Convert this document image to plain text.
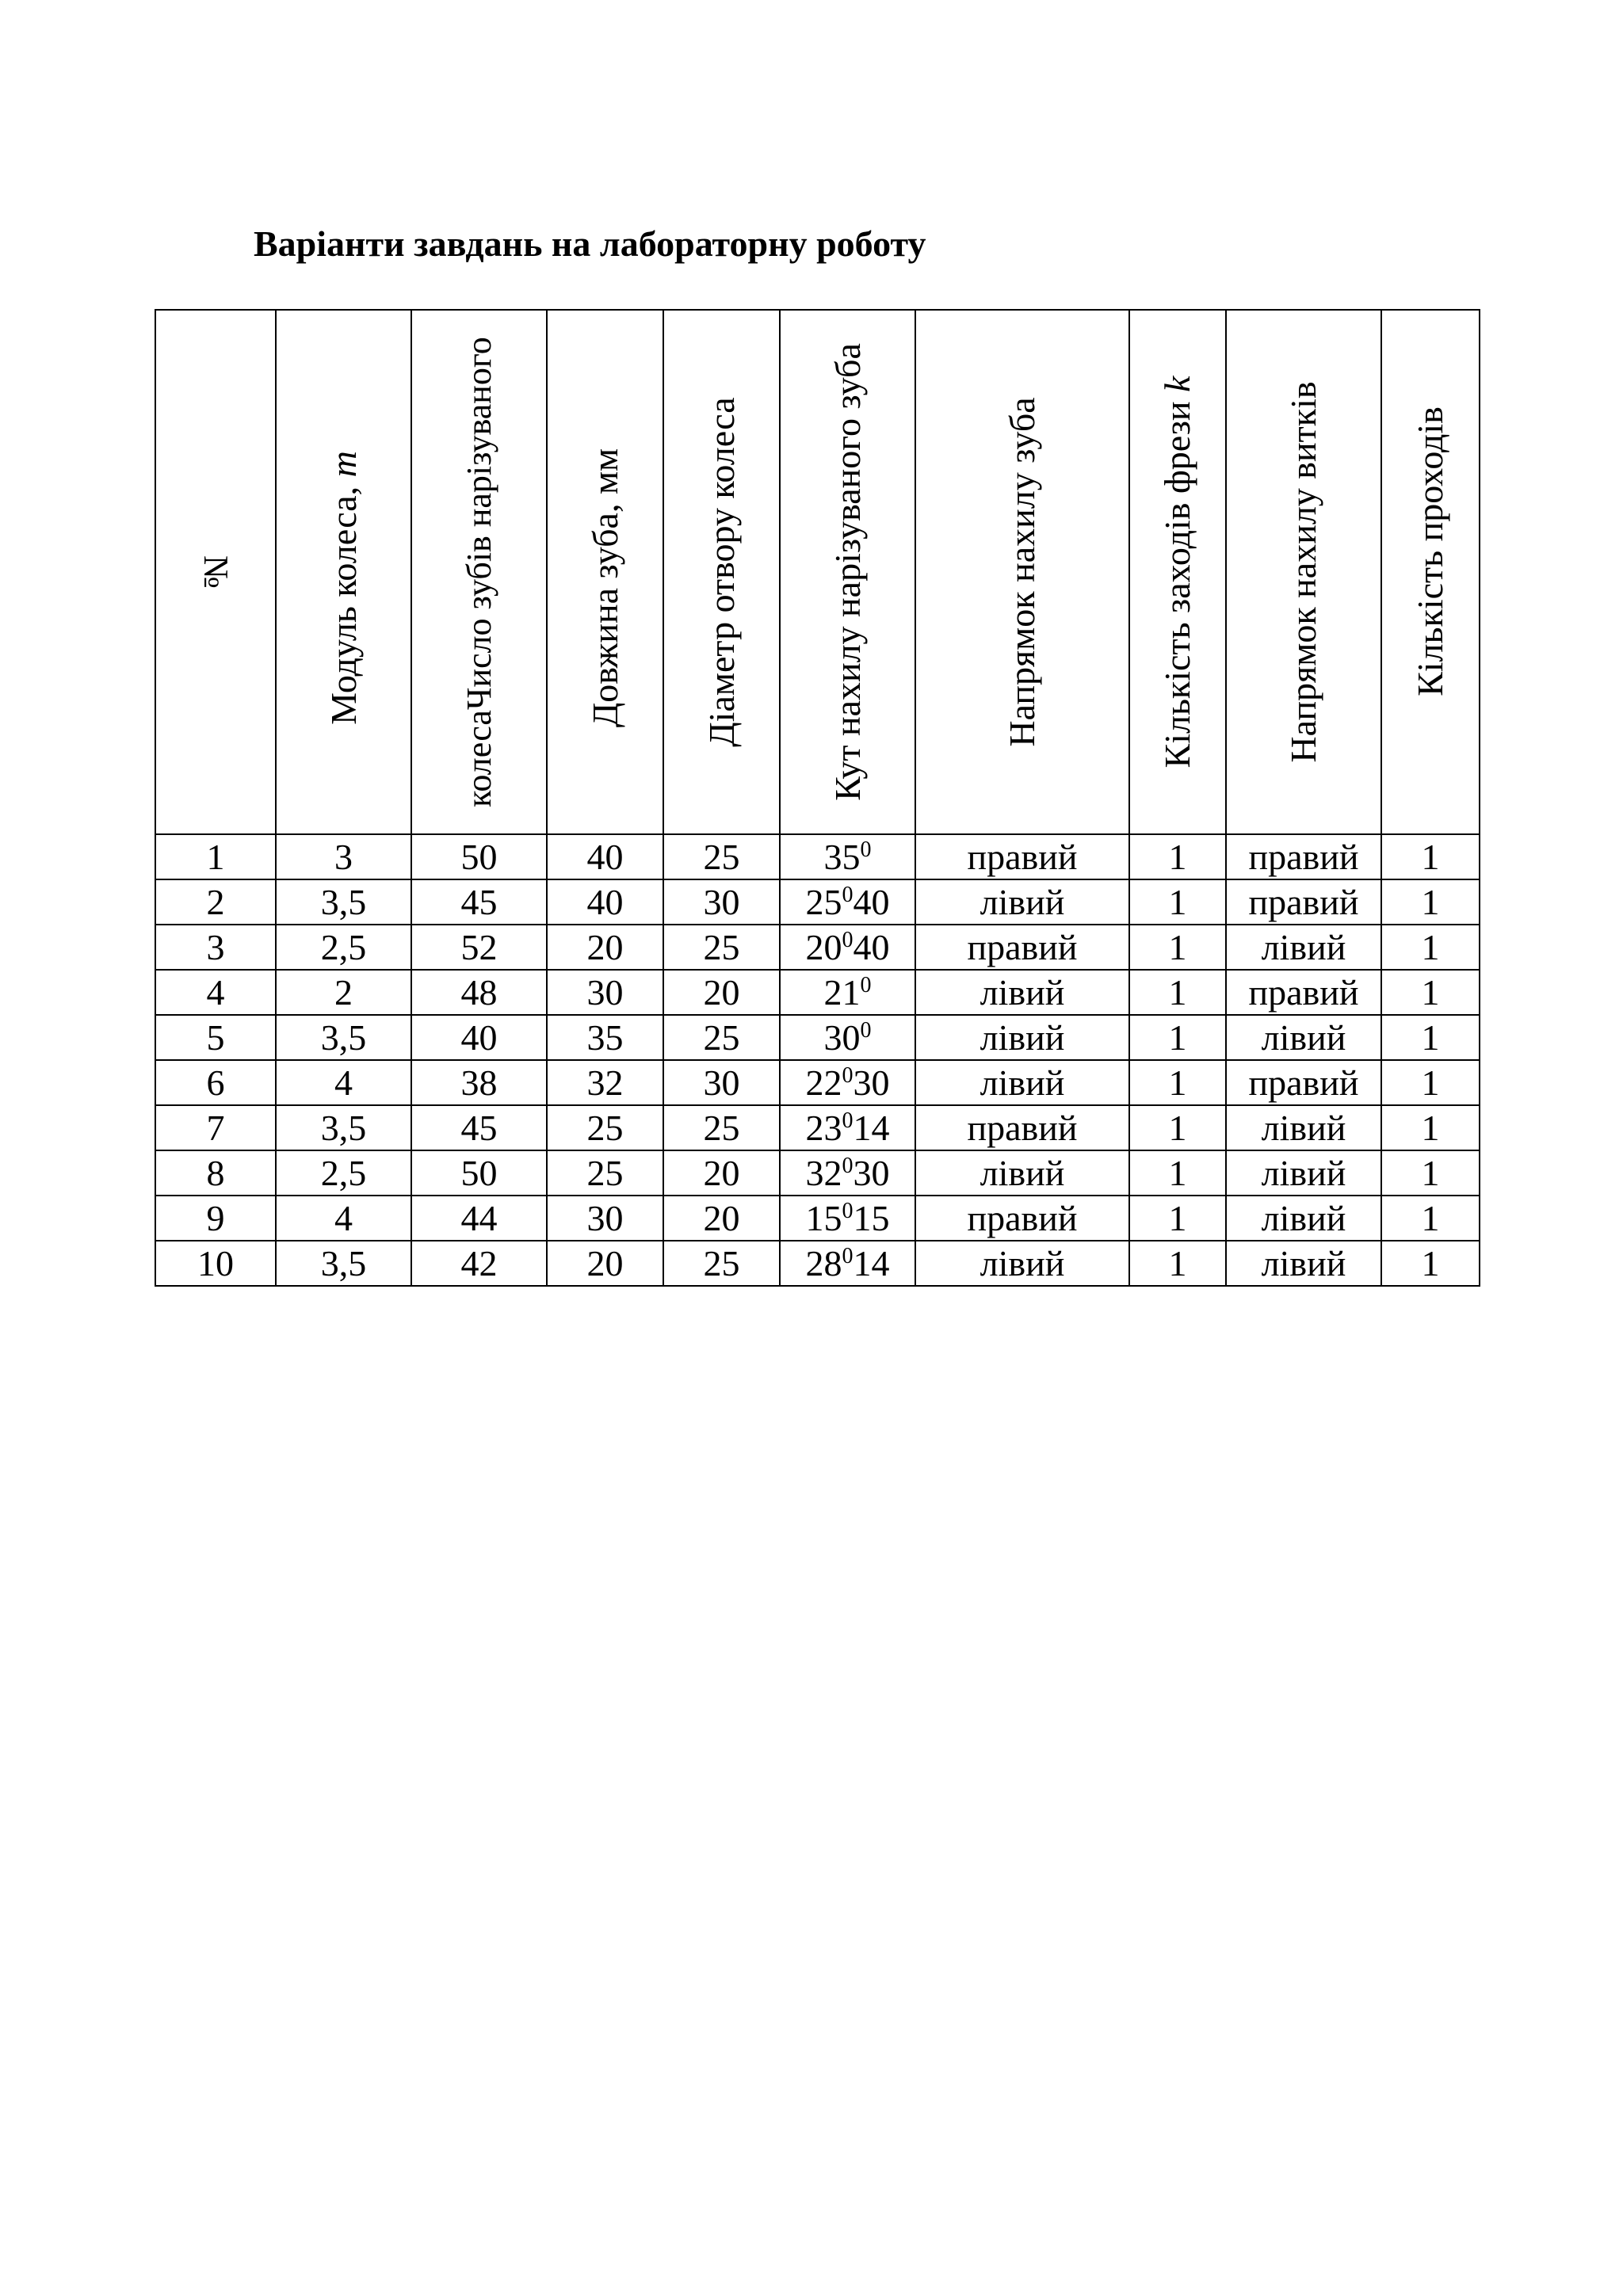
Варіанти завдань на лабораторну роботу
№	Модуль колеса, m	колесаЧисло зубів нарізуваного	Довжина зуба, мм	Діаметр отвору колеса	Кут нахилу нарізуваного зуба	Напрямок нахилу зуба	Кількість заходів фрези k	Напрямок нахилу витків	Кількість проходів

1	3	50	40	25	$35^0$	правий	1	правий	1
2	3,5	45	40	30	$25^040$	лівий	1	правий	1
3	2,5	52	20	25	$20^040$	правий	1	лівий	1
4	2	48	30	20	$21^0$	лівий	1	правий	1
5	3,5	40	35	25	$30^0$	лівий	1	лівий	1
6	4	38	32	30	$22^030$	лівий	1	правий	1
7	3,5	45	25	25	$23^014$	правий	1	лівий	1
8	2,5	50	25	20	$32^030$	лівий	1	лівий	1
9	4	44	30	20	$15^015$	правий	1	лівий	1
10	3,5	42	20	25	$28^014$	лівий	1	лівий	1
